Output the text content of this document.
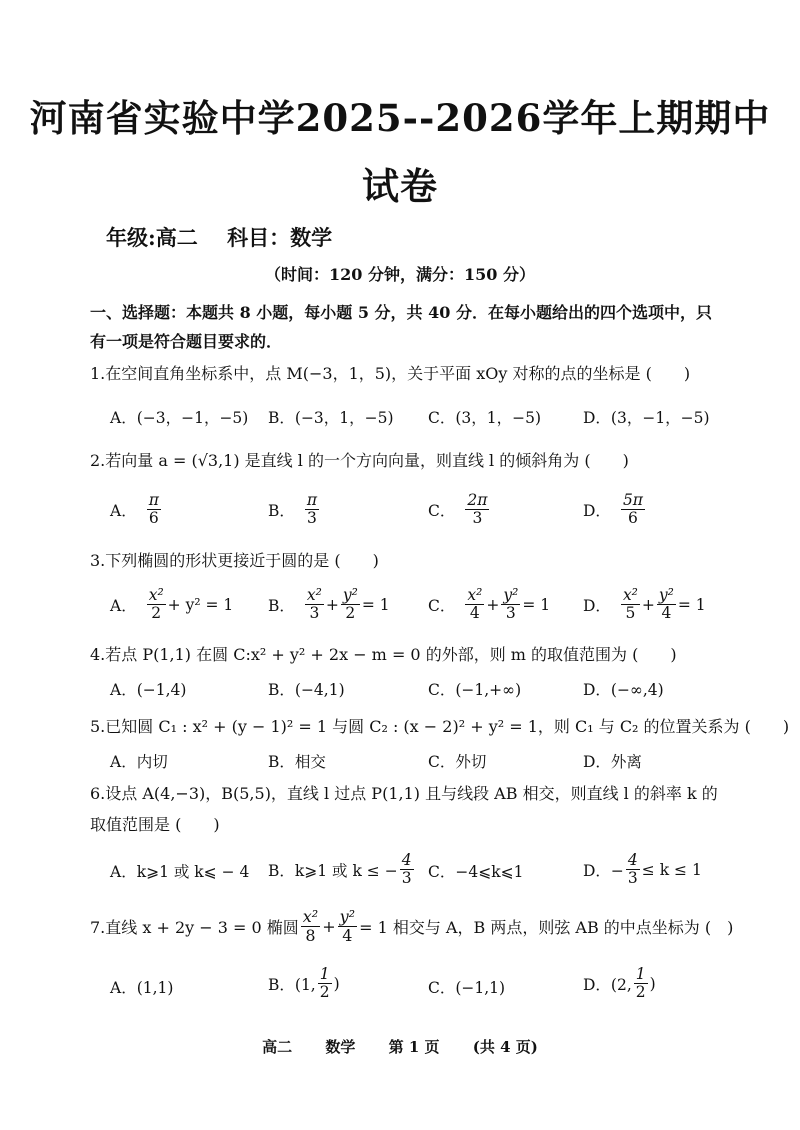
河南省实验中学2025--2026学年上期期中
试卷
年级:高二 科目：数学
（时间：120 分钟，满分：150 分）
一、选择题：本题共 8 小题，每小题 5 分，共 40 分．在每小题给出的四个选项中，只有一项是符合题目要求的．
1.在空间直角坐标系中，点 M(−3，1，5)，关于平面 xOy 对称的点的坐标是 (　　)
A．(−3，−1，−5) B．(−3，1，−5) C．(3，1，−5)	D．(3，−1，−5)
2.若向量 a = (√3,1) 是直线 l 的一个方向向量，则直线 l 的倾斜角为 (　　)
A． $\frac{\pi}{6}$	B． $\frac{\pi}{3}$	C． $\frac{2\pi}{3}$	D． $\frac{5\pi}{6}$
3.下列椭圆的形状更接近于圆的是 (　　)
A． $\frac{\text{x²}}{2} + y^2 = 1$ B． $\frac{\text{x²}}{3} + \frac{\text{y²}}{2} = 1$ C． $\frac{\text{x²}}{4} + \frac{\text{y²}}{3} = 1$ D． $\frac{\text{x²}}{5} + \frac{\text{y²}}{4} = 1$
4.若点 P(1,1) 在圆 C:x² + y² + 2x − m = 0 的外部，则 m 的取值范围为 (　　)
A．(−1,4)	B．(−4,1)	C．(−1,+∞)	D．(−∞,4)
5.已知圆 C₁ : x² + (y − 1)² = 1 与圆 C₂ : (x − 2)² + y² = 1，则 C₁ 与 C₂ 的位置关系为 (　　)
A．内切	B．相交	C．外切	D．外离
6.设点 A(4,−3)，B(5,5)，直线 l 过点 P(1,1) 且与线段 AB 相交，则直线 l 的斜率 k 的取值范围是 (　　)
A．k⩾1 或 k⩽ − 4 B．k⩾1 或 k ≤ − $\frac{4}{3}$ C．−4⩽k⩽1	D．− $\frac{4}{3} \le k \le 1$
7.直线 x + 2y − 3 = 0 椭圆 $\frac{\text{x²}}{8} + \frac{\text{y²}}{4} = 1$ 相交与 A，B 两点，则弦 AB 的中点坐标为 (　)
A．(1,1)	B．(1, $\frac{1}{2}$ )	C．(−1,1)	D．(2, $\frac{1}{2}$ )
高二 数学 第 1 页 (共 4 页)
